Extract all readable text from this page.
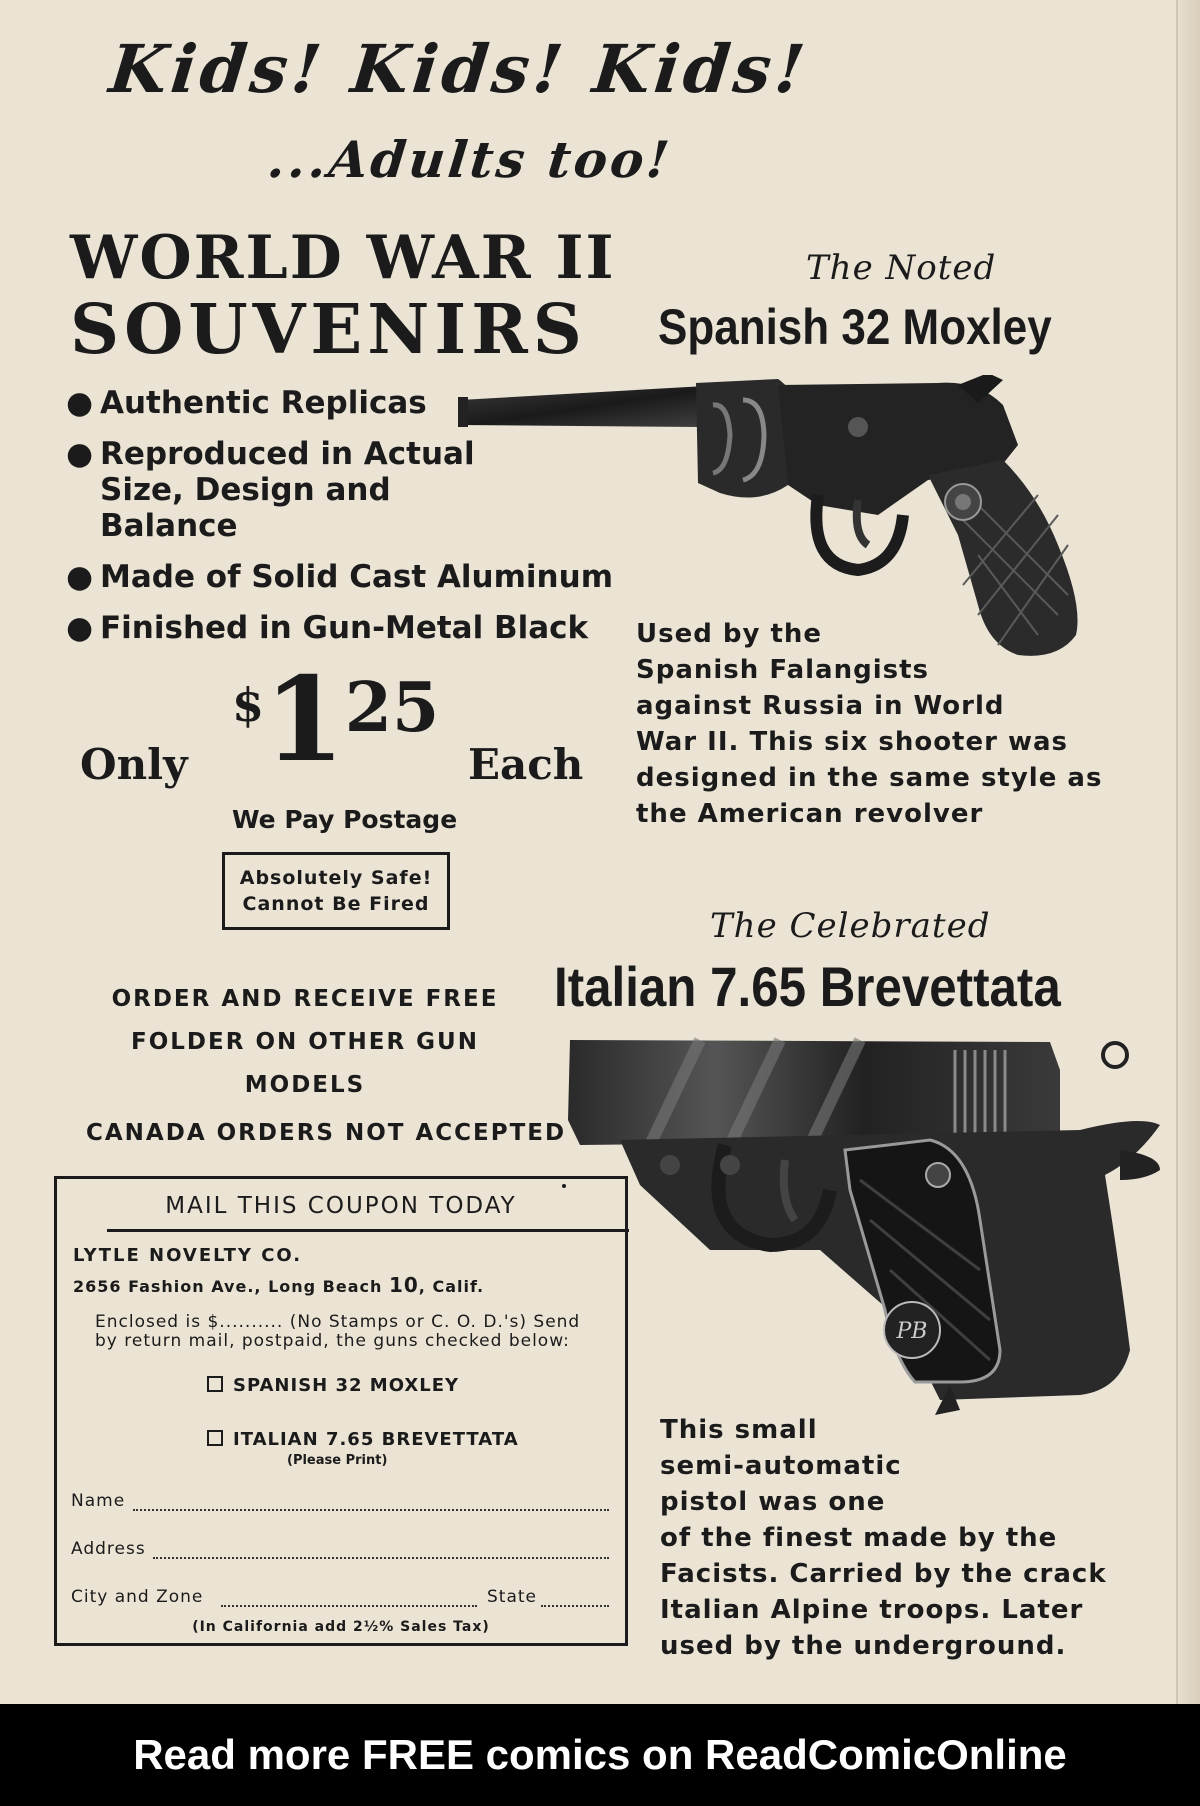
Kids! Kids! Kids!
...Adults too!
WORLD WAR II
SOUVENIRS
The Noted
Spanish 32 Moxley
● Authentic Replicas
● Reproduced in Actual Size, Design and Balance
● Made of Solid Cast Aluminum
● Finished in Gun-Metal Black
Only
$125
Each
We Pay Postage
Absolutely Safe!
Cannot Be Fired
Used by the
Spanish Falangists
against Russia in World
War II. This six shooter was
designed in the same style as
the American revolver
The Celebrated
Italian 7.65 Brevettata
ORDER AND RECEIVE FREE
FOLDER ON OTHER GUN MODELS
CANADA ORDERS NOT ACCEPTED
PB
This small
semi-automatic
pistol was one
of the finest made by the
Facists. Carried by the crack
Italian Alpine troops. Later
used by the underground.
MAIL THIS COUPON TODAY
LYTLE NOVELTY CO.
2656 Fashion Ave., Long Beach 10, Calif.
Enclosed is $.......... (No Stamps or C. O. D.'s) Send by return mail, postpaid, the guns checked below:
SPANISH 32 MOXLEY
ITALIAN 7.65 BREVETTATA
(Please Print)
Name
Address
City and Zone	State
(In California add 2½% Sales Tax)
Read more FREE comics on ReadComicOnline
